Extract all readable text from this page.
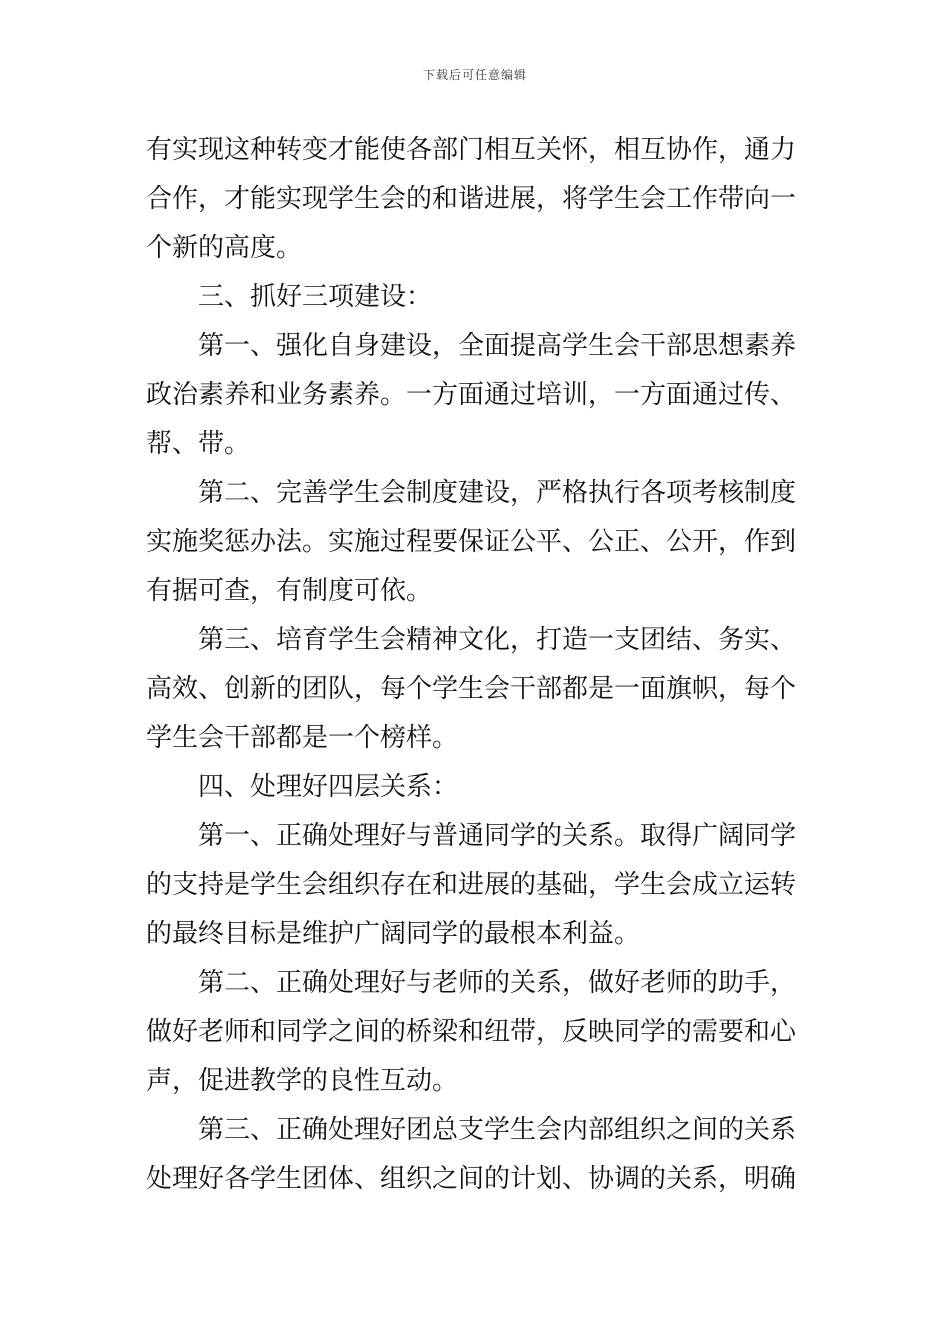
下载后可任意编辑
有实现这种转变才能使各部门相互关怀，相互协作，通力
合作，才能实现学生会的和谐进展，将学生会工作带向一
个新的高度。
三、抓好三项建设：
第一、强化自身建设，全面提高学生会干部思想素养
政治素养和业务素养。一方面通过培训，一方面通过传、
帮、带。
第二、完善学生会制度建设，严格执行各项考核制度
实施奖惩办法。实施过程要保证公平、公正、公开，作到
有据可查，有制度可依。
第三、培育学生会精神文化，打造一支团结、务实、
高效、创新的团队，每个学生会干部都是一面旗帜，每个
学生会干部都是一个榜样。
四、处理好四层关系：
第一、正确处理好与普通同学的关系。取得广阔同学
的支持是学生会组织存在和进展的基础，学生会成立运转
的最终目标是维护广阔同学的最根本利益。
第二、正确处理好与老师的关系，做好老师的助手，
做好老师和同学之间的桥梁和纽带，反映同学的需要和心
声，促进教学的良性互动。
第三、正确处理好团总支学生会内部组织之间的关系
处理好各学生团体、组织之间的计划、协调的关系，明确
